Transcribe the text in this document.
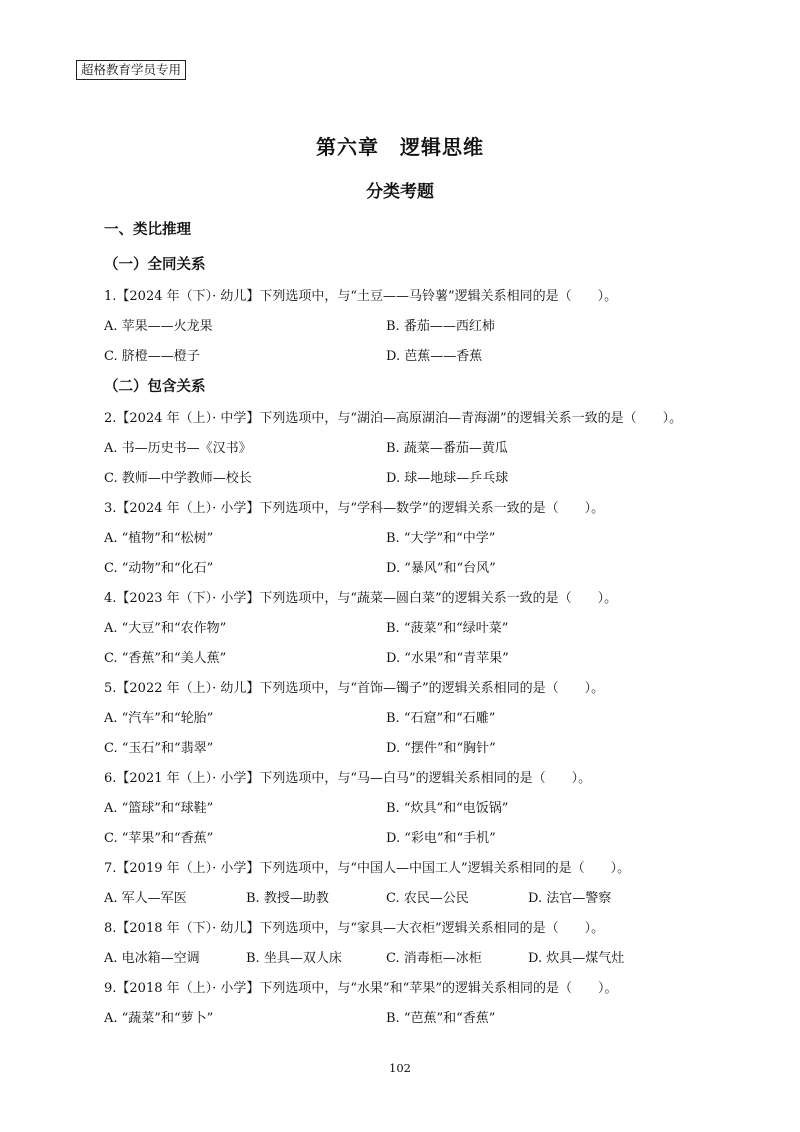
超格教育学员专用
第六章　逻辑思维
分类考题
一、类比推理
（一）全同关系
1.【2024 年（下）· 幼儿】下列选项中，与“土豆——马铃薯”逻辑关系相同的是（　　）。
A. 苹果——火龙果	B. 番茄——西红柿
C. 脐橙——橙子	D. 芭蕉——香蕉
（二）包含关系
2.【2024 年（上）· 中学】下列选项中，与“湖泊—高原湖泊—青海湖”的逻辑关系一致的是（　　）。
A. 书—历史书—《汉书》	B. 蔬菜—番茄—黄瓜
C. 教师—中学教师—校长	D. 球—地球—乒乓球
3.【2024 年（上）· 小学】下列选项中，与“学科—数学”的逻辑关系一致的是（　　）。
A. “植物”和“松树”	B. “大学”和“中学”
C. “动物”和“化石”	D. “暴风”和“台风”
4.【2023 年（下）· 小学】下列选项中，与“蔬菜—圆白菜”的逻辑关系一致的是（　　）。
A. “大豆”和“农作物”	B. “菠菜”和“绿叶菜”
C. “香蕉”和“美人蕉”	D. “水果”和“青苹果”
5.【2022 年（上）· 幼儿】下列选项中，与“首饰—镯子”的逻辑关系相同的是（　　）。
A. “汽车”和“轮胎”	B. “石窟”和“石雕”
C. “玉石”和“翡翠”	D. “摆件”和“胸针”
6.【2021 年（上）· 小学】下列选项中，与“马—白马”的逻辑关系相同的是（　　）。
A. “篮球”和“球鞋”	B. “炊具”和“电饭锅”
C. “苹果”和“香蕉”	D. “彩电”和“手机”
7.【2019 年（上）· 小学】下列选项中，与“中国人—中国工人”逻辑关系相同的是（　　）。
A. 军人—军医	B. 教授—助教	C. 农民—公民	D. 法官—警察
8.【2018 年（下）· 幼儿】下列选项中，与“家具—大衣柜”逻辑关系相同的是（　　）。
A. 电冰箱—空调	B. 坐具—双人床	C. 消毒柜—冰柜	D. 炊具—煤气灶
9.【2018 年（上）· 小学】下列选项中，与“水果”和“苹果”的逻辑关系相同的是（　　）。
A. “蔬菜”和“萝卜”	B. “芭蕉”和“香蕉”
102
